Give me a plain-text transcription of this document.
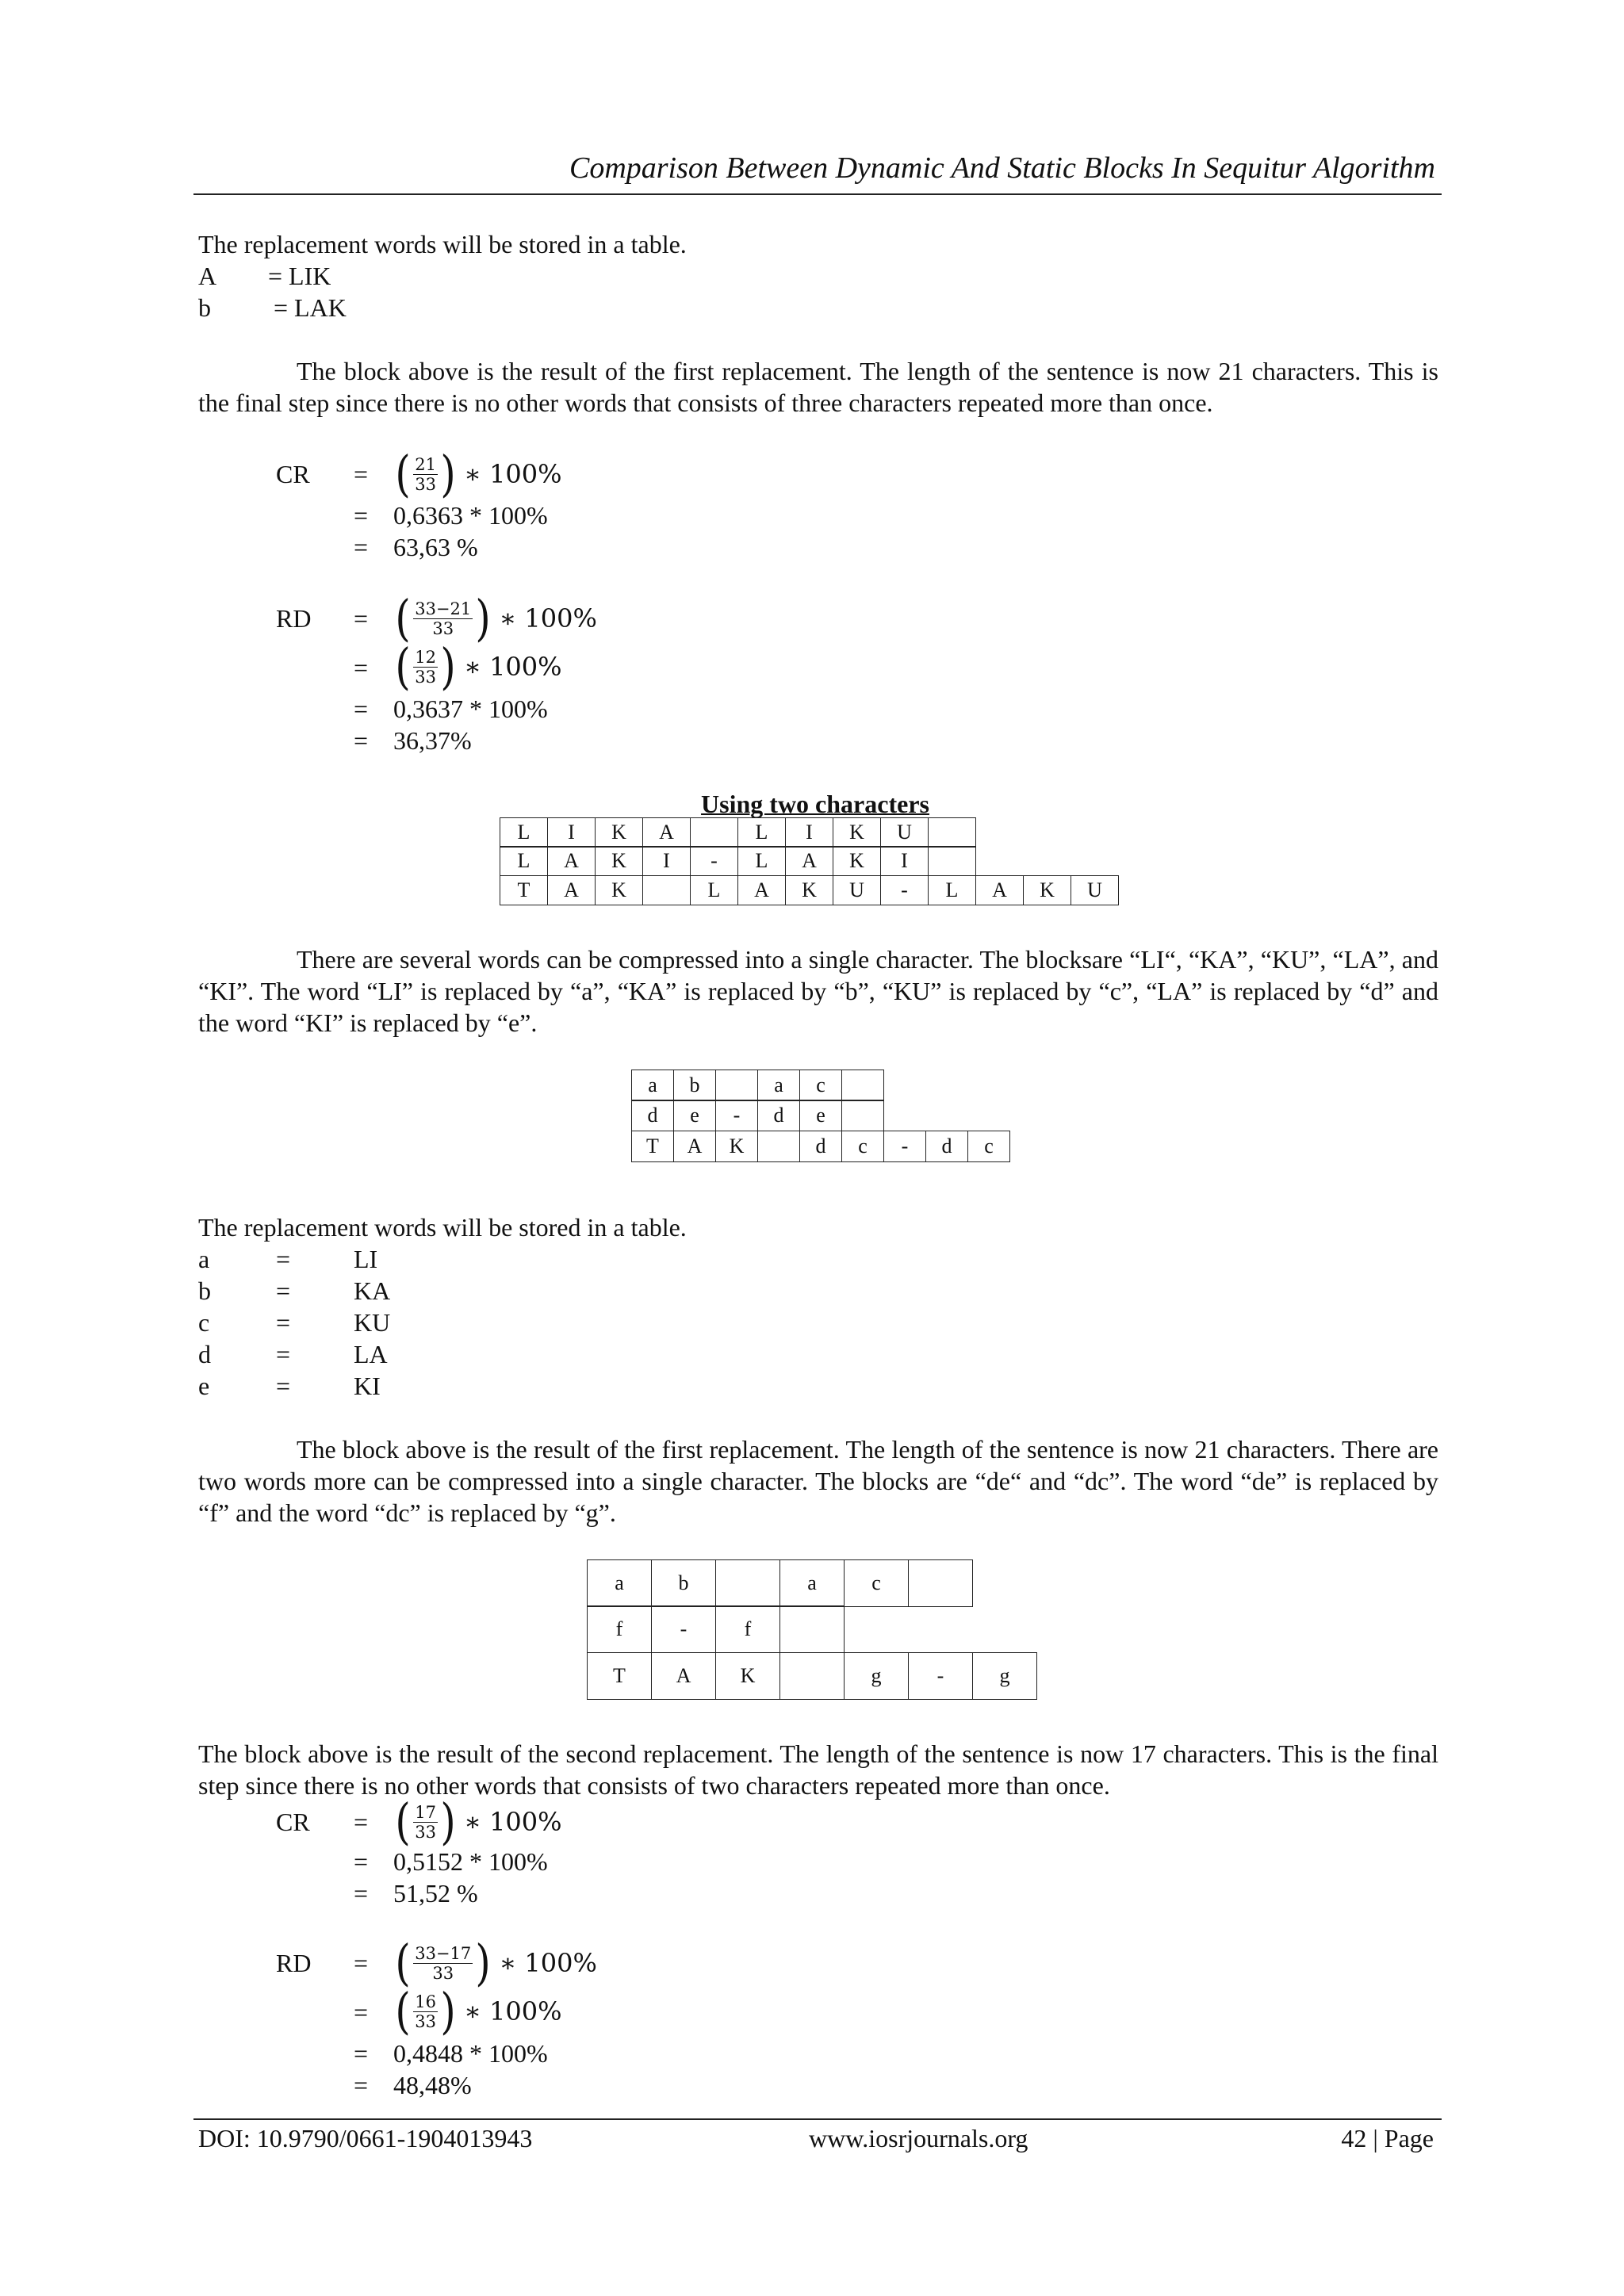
Comparison Between Dynamic And Static Blocks In Sequitur Algorithm
The replacement words will be stored in a table.
A = LIK
b = LAK
The block above is the result of the first replacement. The length of the sentence is now 21 characters. This is the final step since there is no other words that consists of three characters repeated more than once.
CR = ( $\frac{21}{33}$ ) ∗ 100%
= 0,6363 * 100%
= 63,63 %
RD = ( $\frac{33-21}{33}$ ) ∗ 100%
= ( $\frac{12}{33}$ ) ∗ 100%
= 0,3637 * 100%
= 36,37%
Using two characters
L	I	K	A		L	I	K	U	
L	A	K	I	-	L	A	K	I	
T	A	K		L	A	K	U	-	L	A	K	U
There are several words can be compressed into a single character. The blocksare “LI“, “KA”, “KU”, “LA”, and “KI”. The word “LI” is replaced by “a”, “KA” is replaced by “b”, “KU” is replaced by “c”, “LA” is replaced by “d” and the word “KI” is replaced by “e”.
a	b		a	c	
d	e	-	d	e	
T	A	K		d	c	-	d	c
The replacement words will be stored in a table.
a	= LI
b	= KA
c	= KU
d	= LA
e	= KI
The block above is the result of the first replacement. The length of the sentence is now 21 characters. There are two words more can be compressed into a single character. The blocks are “de“ and “dc”. The word “de” is replaced by “f” and the word “dc” is replaced by “g”.
a	b		a	c	
f	-	f	
T	A	K		g	-	g
The block above is the result of the second replacement. The length of the sentence is now 17 characters. This is the final step since there is no other words that consists of two characters repeated more than once.
CR = ( $\frac{17}{33}$ ) ∗ 100%
= 0,5152 * 100%
= 51,52 %
RD = ( $\frac{33-17}{33}$ ) ∗ 100%
= ( $\frac{16}{33}$ ) ∗ 100%
= 0,4848 * 100%
= 48,48%
DOI: 10.9790/0661-1904013943	www.iosrjournals.org	42 | Page
